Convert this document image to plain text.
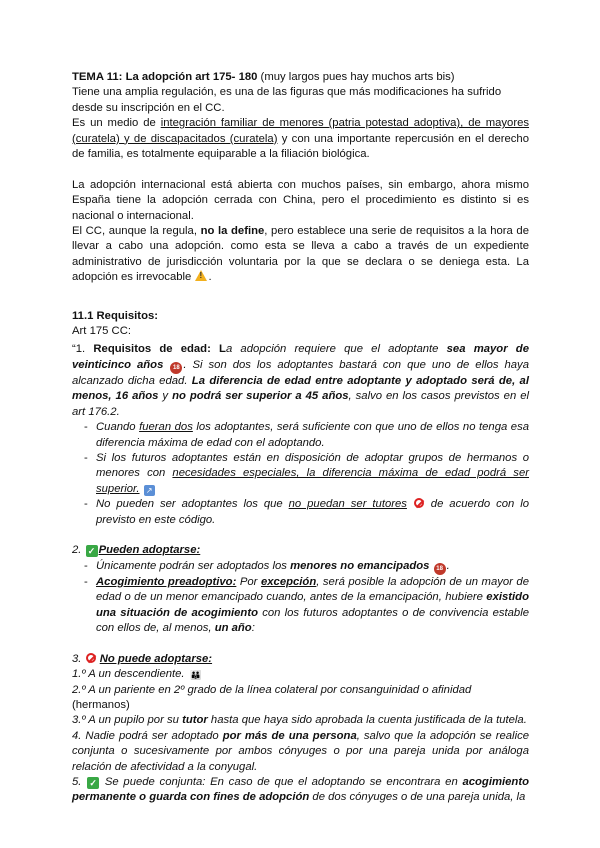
TEMA 11: La adopción art 175- 180 (muy largos pues hay muchos arts bis)

Tiene una amplia regulación, es una de las figuras que más modificaciones ha sufrido desde su inscripción en el CC.

Es un medio de integración familiar de menores (patria potestad adoptiva), de mayores (curatela) y de discapacitados (curatela) y con una importante repercusión en el derecho de familia, es totalmente equiparable a la filiación biológica.

La adopción internacional está abierta con muchos países, sin embargo, ahora mismo España tiene la adopción cerrada con China, pero el procedimiento es distinto si es nacional o internacional.

El CC, aunque la regula, no la define, pero establece una serie de requisitos a la hora de llevar a cabo una adopción. como esta se lleva a cabo a través de un expediente administrativo de jurisdicción voluntaria por la que se declara o se deniega esta. La adopción es irrevocable !.

11.1 Requisitos:

Art 175 CC:

“1. Requisitos de edad: La adopción requiere que el adoptante sea mayor de veinticinco años 18 . Si son dos los adoptantes bastará con que uno de ellos haya alcanzado dicha edad. La diferencia de edad entre adoptante y adoptado será de, al menos, 16 años y no podrá ser superior a 45 años, salvo en los casos previstos en el art 176.2.

- Cuando fueran dos los adoptantes, será suficiente con que uno de ellos no tenga esa diferencia máxima de edad con el adoptando.
- Si los futuros adoptantes están en disposición de adoptar grupos de hermanos o menores con necesidades especiales, la diferencia máxima de edad podrá ser superior. ↗
- No pueden ser adoptantes los que no puedan ser tutores  de acuerdo con lo previsto en este código.

2. ✓ Pueden adoptarse:

- Únicamente podrán ser adoptados los menores no emancipados 18 .
- Acogimiento preadoptivo: Por excepción, será posible la adopción de un mayor de edad o de un menor emancipado cuando, antes de la emancipación, hubiere existido una situación de acogimiento con los futuros adoptantes o de convivencia estable con ellos de, al menos, un año:

3.  No puede adoptarse:

1.º A un descendiente. 👪

2.º A un pariente en 2º grado de la línea colateral por consanguinidad o afinidad (hermanos)

3.º A un pupilo por su tutor hasta que haya sido aprobada la cuenta justificada de la tutela.

4. Nadie podrá ser adoptado por más de una persona, salvo que la adopción se realice conjunta o sucesivamente por ambos cónyuges o por una pareja unida por análoga relación de afectividad a la conyugal.

5. ✓ Se puede conjunta: En caso de que el adoptando se encontrara en acogimiento permanente o guarda con fines de adopción de dos cónyuges o de una pareja unida, la
